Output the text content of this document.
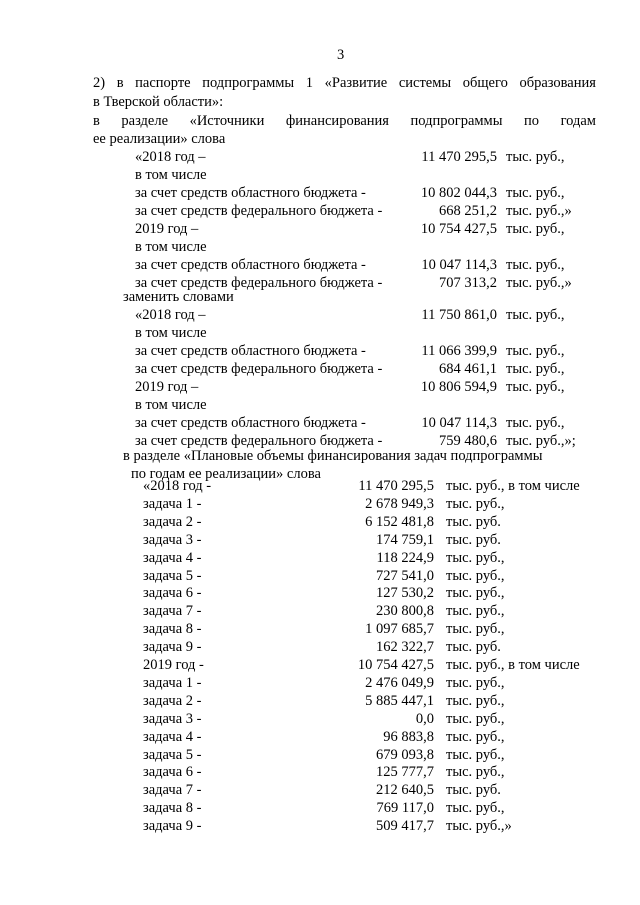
3
2) в паспорте подпрограммы 1 «Развитие системы общего образования
в Тверской области»:
в разделе «Источники финансирования подпрограммы по годам
ее реализации» слова
«2018 год –	11 470 295,5 тыс. руб.,
в том числе
за счет средств областного бюджета -	10 802 044,3 тыс. руб.,
за счет средств федерального бюджета -	668 251,2 тыс. руб.,»
2019 год –	10 754 427,5 тыс. руб.,
в том числе
за счет средств областного бюджета -	10 047 114,3 тыс. руб.,
за счет средств федерального бюджета -	707 313,2 тыс. руб.,»
заменить словами
«2018 год –	11 750 861,0 тыс. руб.,
в том числе
за счет средств областного бюджета -	11 066 399,9 тыс. руб.,
за счет средств федерального бюджета -	684 461,1 тыс. руб.,
2019 год –	10 806 594,9 тыс. руб.,
в том числе
за счет средств областного бюджета -	10 047 114,3 тыс. руб.,
за счет средств федерального бюджета -	759 480,6 тыс. руб.,»;
в разделе «Плановые объемы финансирования задач подпрограммы
по годам ее реализации» слова
«2018 год -	11 470 295,5 тыс. руб., в том числе
задача 1 -	2 678 949,3 тыс. руб.,
задача 2 -	6 152 481,8 тыс. руб.
задача 3 -	174 759,1 тыс. руб.
задача 4 -	118 224,9 тыс. руб.,
задача 5 -	727 541,0 тыс. руб.,
задача 6 -	127 530,2 тыс. руб.,
задача 7 -	230 800,8 тыс. руб.,
задача 8 -	1 097 685,7 тыс. руб.,
задача 9 -	162 322,7 тыс. руб.
2019 год -	10 754 427,5 тыс. руб., в том числе
задача 1 -	2 476 049,9 тыс. руб.,
задача 2 -	5 885 447,1 тыс. руб.,
задача 3 -	0,0 тыс. руб.,
задача 4 -	96 883,8 тыс. руб.,
задача 5 -	679 093,8 тыс. руб.,
задача 6 -	125 777,7 тыс. руб.,
задача 7 -	212 640,5 тыс. руб.
задача 8 -	769 117,0 тыс. руб.,
задача 9 -	509 417,7 тыс. руб.,»
